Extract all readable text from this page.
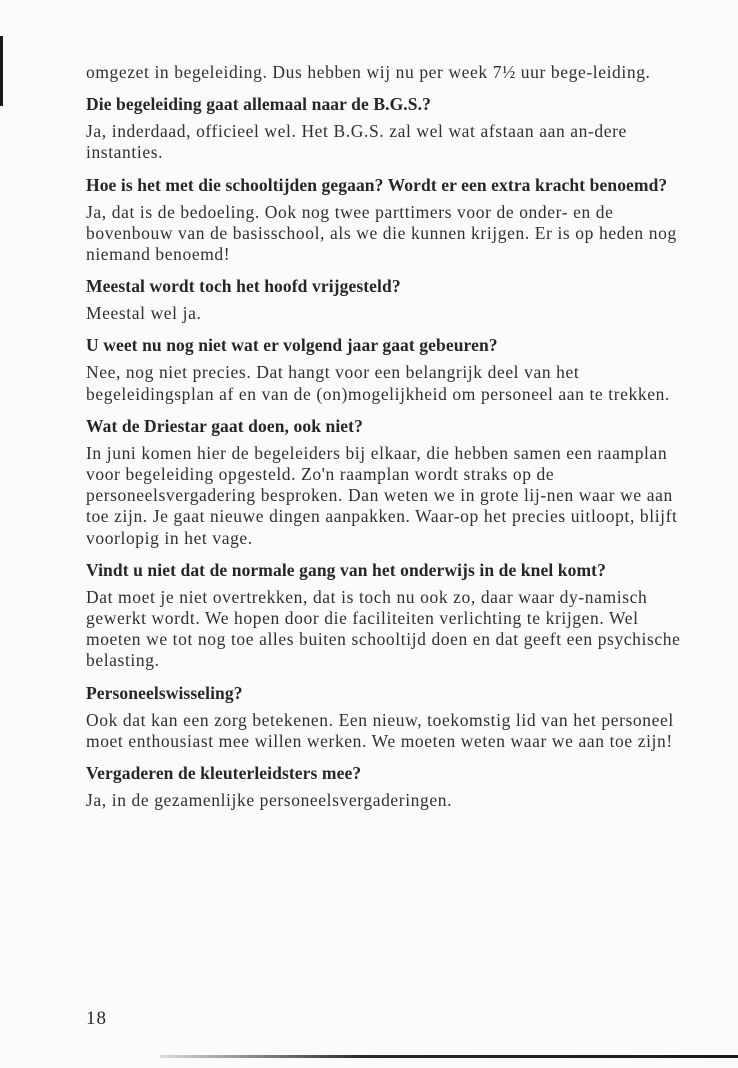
omgezet in begeleiding. Dus hebben wij nu per week 7½ uur bege-leiding.

Die begeleiding gaat allemaal naar de B.G.S.?

Ja, inderdaad, officieel wel. Het B.G.S. zal wel wat afstaan aan an-dere instanties.

Hoe is het met die schooltijden gegaan? Wordt er een extra kracht benoemd?

Ja, dat is de bedoeling. Ook nog twee parttimers voor de onder- en de bovenbouw van de basisschool, als we die kunnen krijgen. Er is op heden nog niemand benoemd!

Meestal wordt toch het hoofd vrijgesteld?

Meestal wel ja.

U weet nu nog niet wat er volgend jaar gaat gebeuren?

Nee, nog niet precies. Dat hangt voor een belangrijk deel van het begeleidingsplan af en van de (on)mogelijkheid om personeel aan te trekken.

Wat de Driestar gaat doen, ook niet?

In juni komen hier de begeleiders bij elkaar, die hebben samen een raamplan voor begeleiding opgesteld. Zo'n raamplan wordt straks op de personeelsvergadering besproken. Dan weten we in grote lij-nen waar we aan toe zijn. Je gaat nieuwe dingen aanpakken. Waar-op het precies uitloopt, blijft voorlopig in het vage.

Vindt u niet dat de normale gang van het onderwijs in de knel komt?

Dat moet je niet overtrekken, dat is toch nu ook zo, daar waar dy-namisch gewerkt wordt. We hopen door die faciliteiten verlichting te krijgen. Wel moeten we tot nog toe alles buiten schooltijd doen en dat geeft een psychische belasting.

Personeelswisseling?

Ook dat kan een zorg betekenen. Een nieuw, toekomstig lid van het personeel moet enthousiast mee willen werken. We moeten weten waar we aan toe zijn!

Vergaderen de kleuterleidsters mee?

Ja, in de gezamenlijke personeelsvergaderingen.

18
